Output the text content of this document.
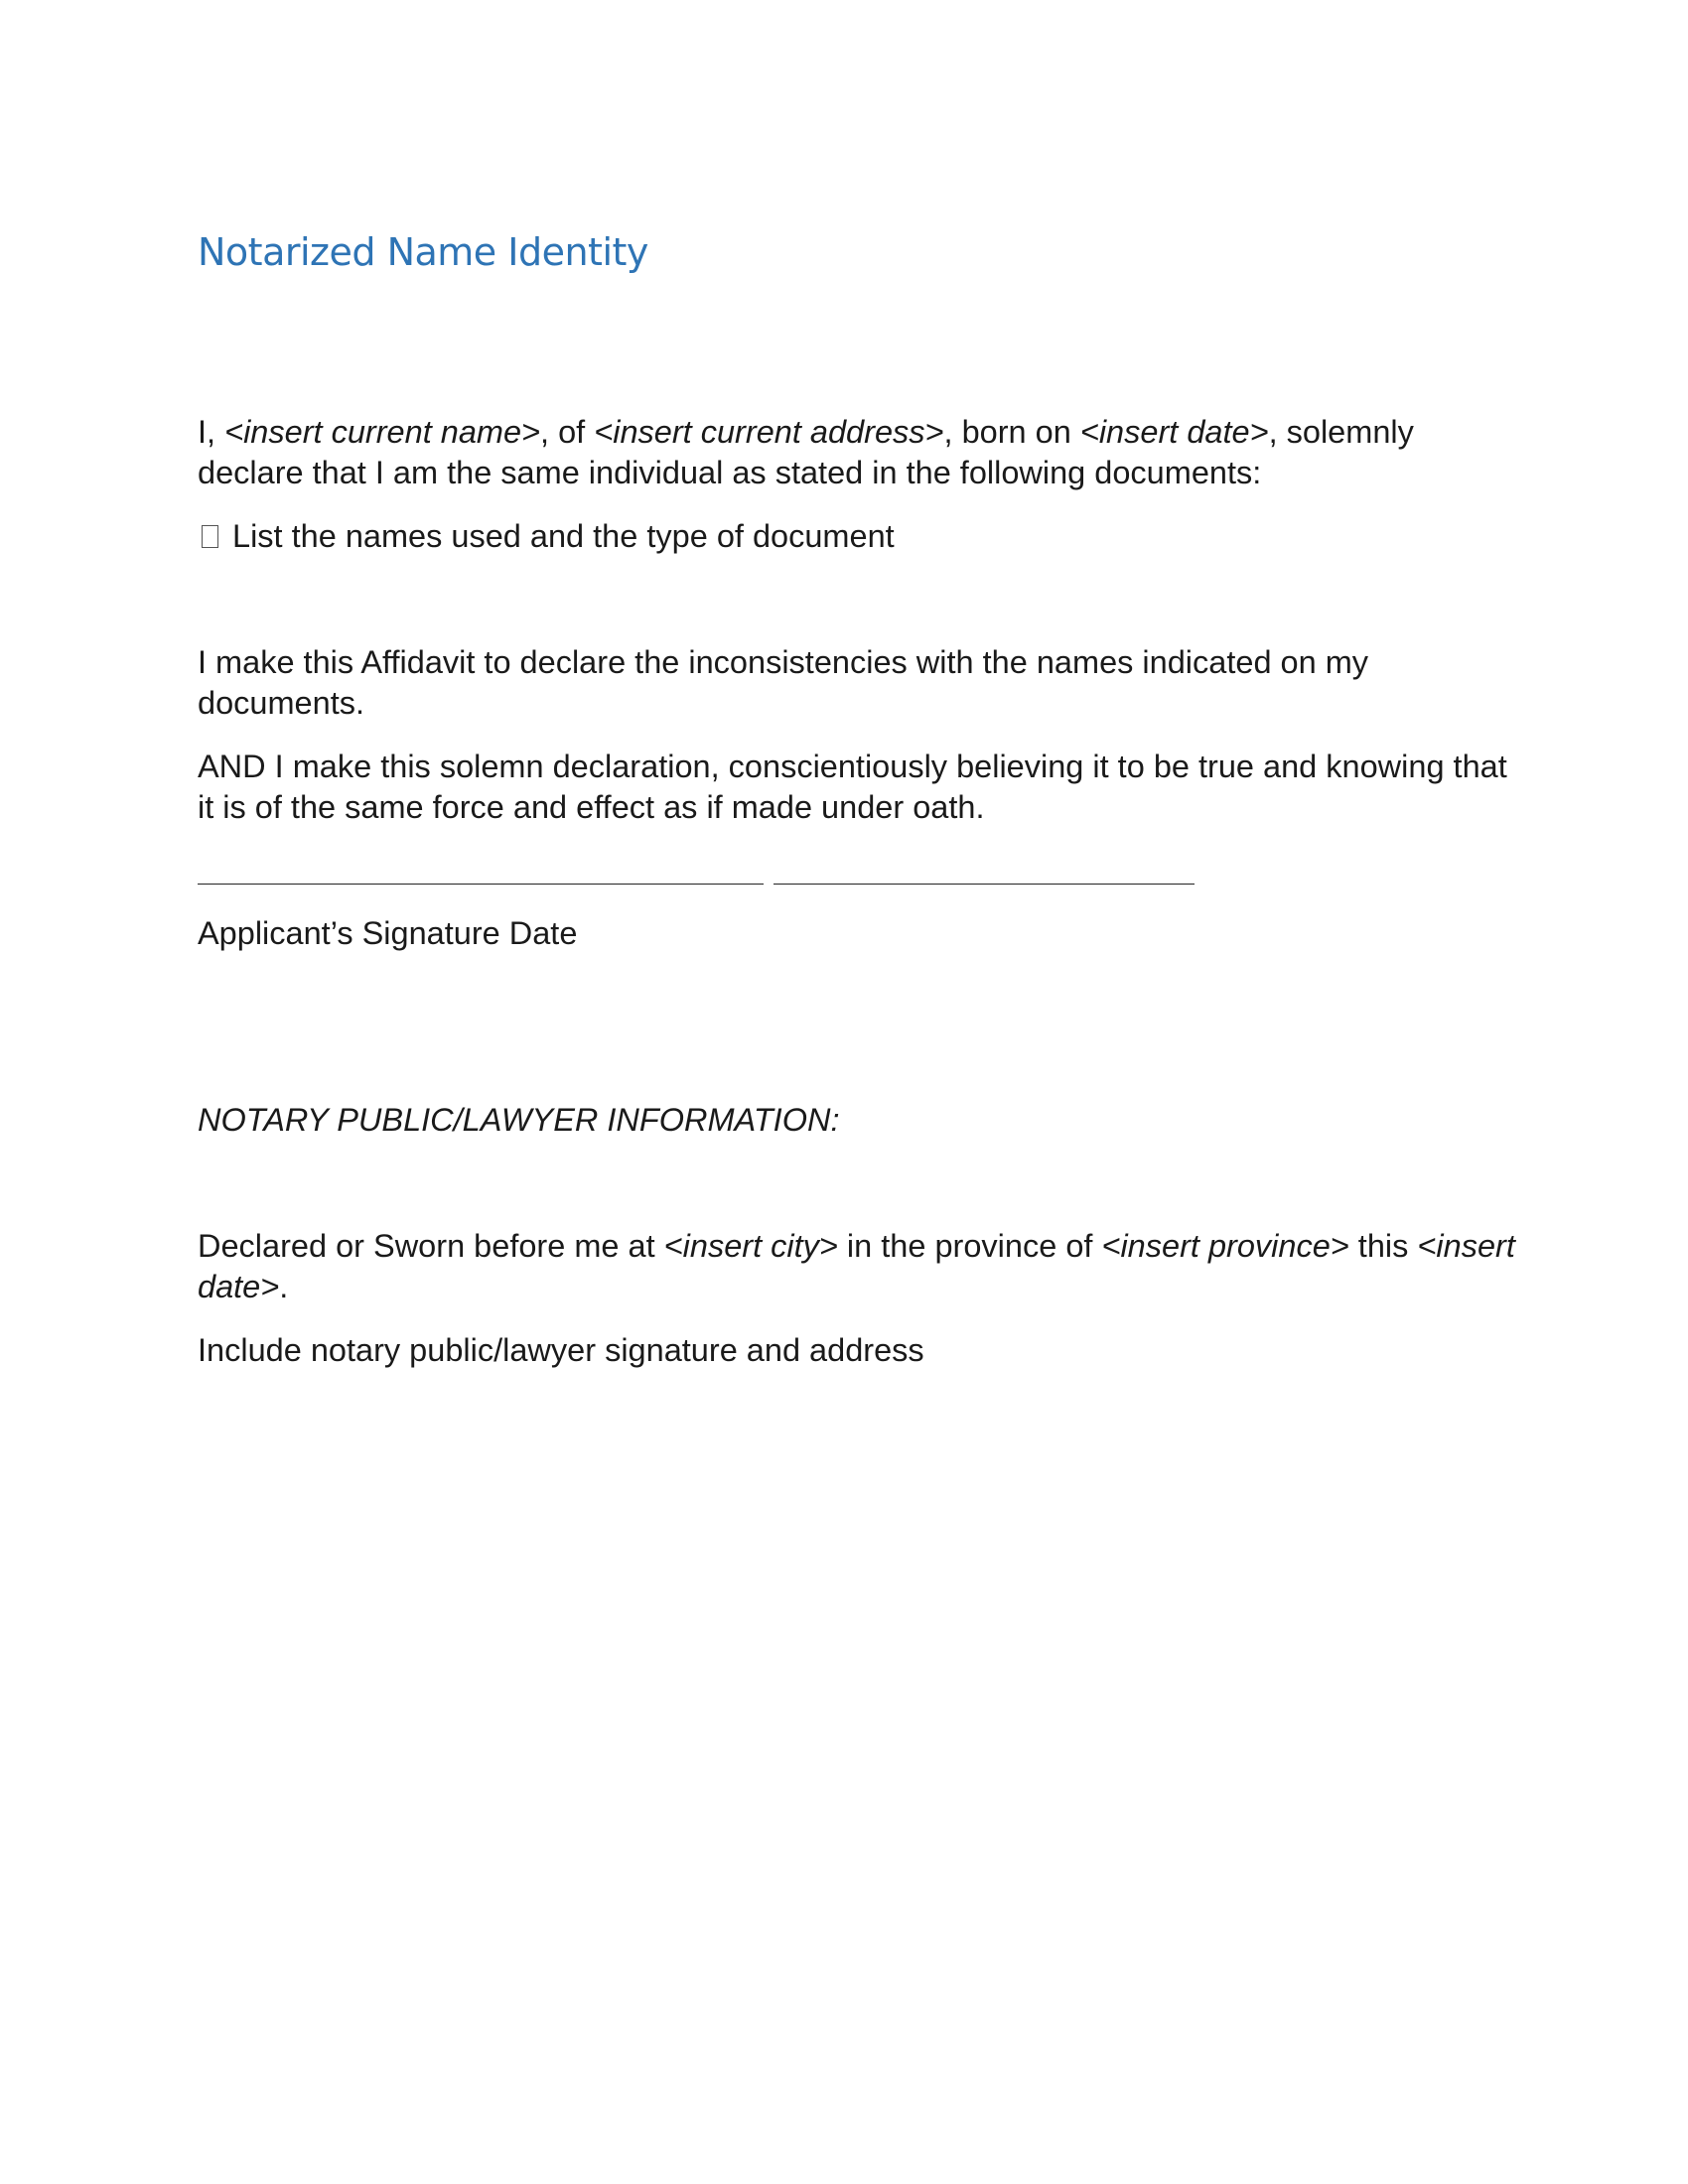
Notarized Name Identity

I, <insert current name>, of <insert current address>, born on <insert date>, solemnly declare that I am the same individual as stated in the following documents:

List the names used and the type of document

I make this Affidavit to declare the inconsistencies with the names indicated on my documents.

AND I make this solemn declaration, conscientiously believing it to be true and knowing that it is of the same force and effect as if made under oath.

Applicant’s Signature Date
NOTARY PUBLIC/LAWYER INFORMATION:

Declared or Sworn before me at <insert city> in the province of <insert province> this <insert date>.

Include notary public/lawyer signature and address
